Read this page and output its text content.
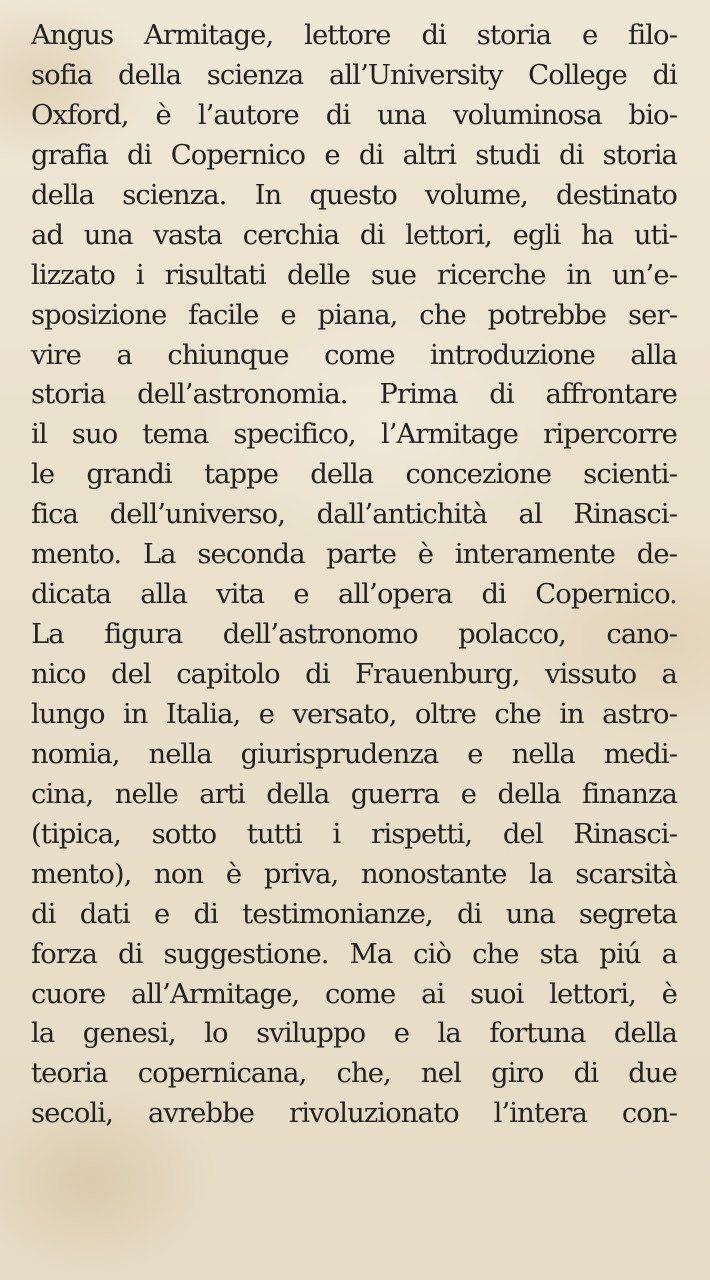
Angus Armitage, lettore di storia e filo-
sofia della scienza all’University College di
Oxford, è l’autore di una voluminosa bio-
grafia di Copernico e di altri studi di storia
della scienza. In questo volume, destinato
ad una vasta cerchia di lettori, egli ha uti-
lizzato i risultati delle sue ricerche in un’e-
sposizione facile e piana, che potrebbe ser-
vire a chiunque come introduzione alla
storia dell’astronomia. Prima di affrontare
il suo tema specifico, l’Armitage ripercorre
le grandi tappe della concezione scienti-
fica dell’universo, dall’antichità al Rinasci-
mento. La seconda parte è interamente de-
dicata alla vita e all’opera di Copernico.
La figura dell’astronomo polacco, cano-
nico del capitolo di Frauenburg, vissuto a
lungo in Italia, e versato, oltre che in astro-
nomia, nella giurisprudenza e nella medi-
cina, nelle arti della guerra e della finanza
(tipica, sotto tutti i rispetti, del Rinasci-
mento), non è priva, nonostante la scarsità
di dati e di testimonianze, di una segreta
forza di suggestione. Ma ciò che sta piú a
cuore all’Armitage, come ai suoi lettori, è
la genesi, lo sviluppo e la fortuna della
teoria copernicana, che, nel giro di due
secoli, avrebbe rivoluzionato l’intera con-
